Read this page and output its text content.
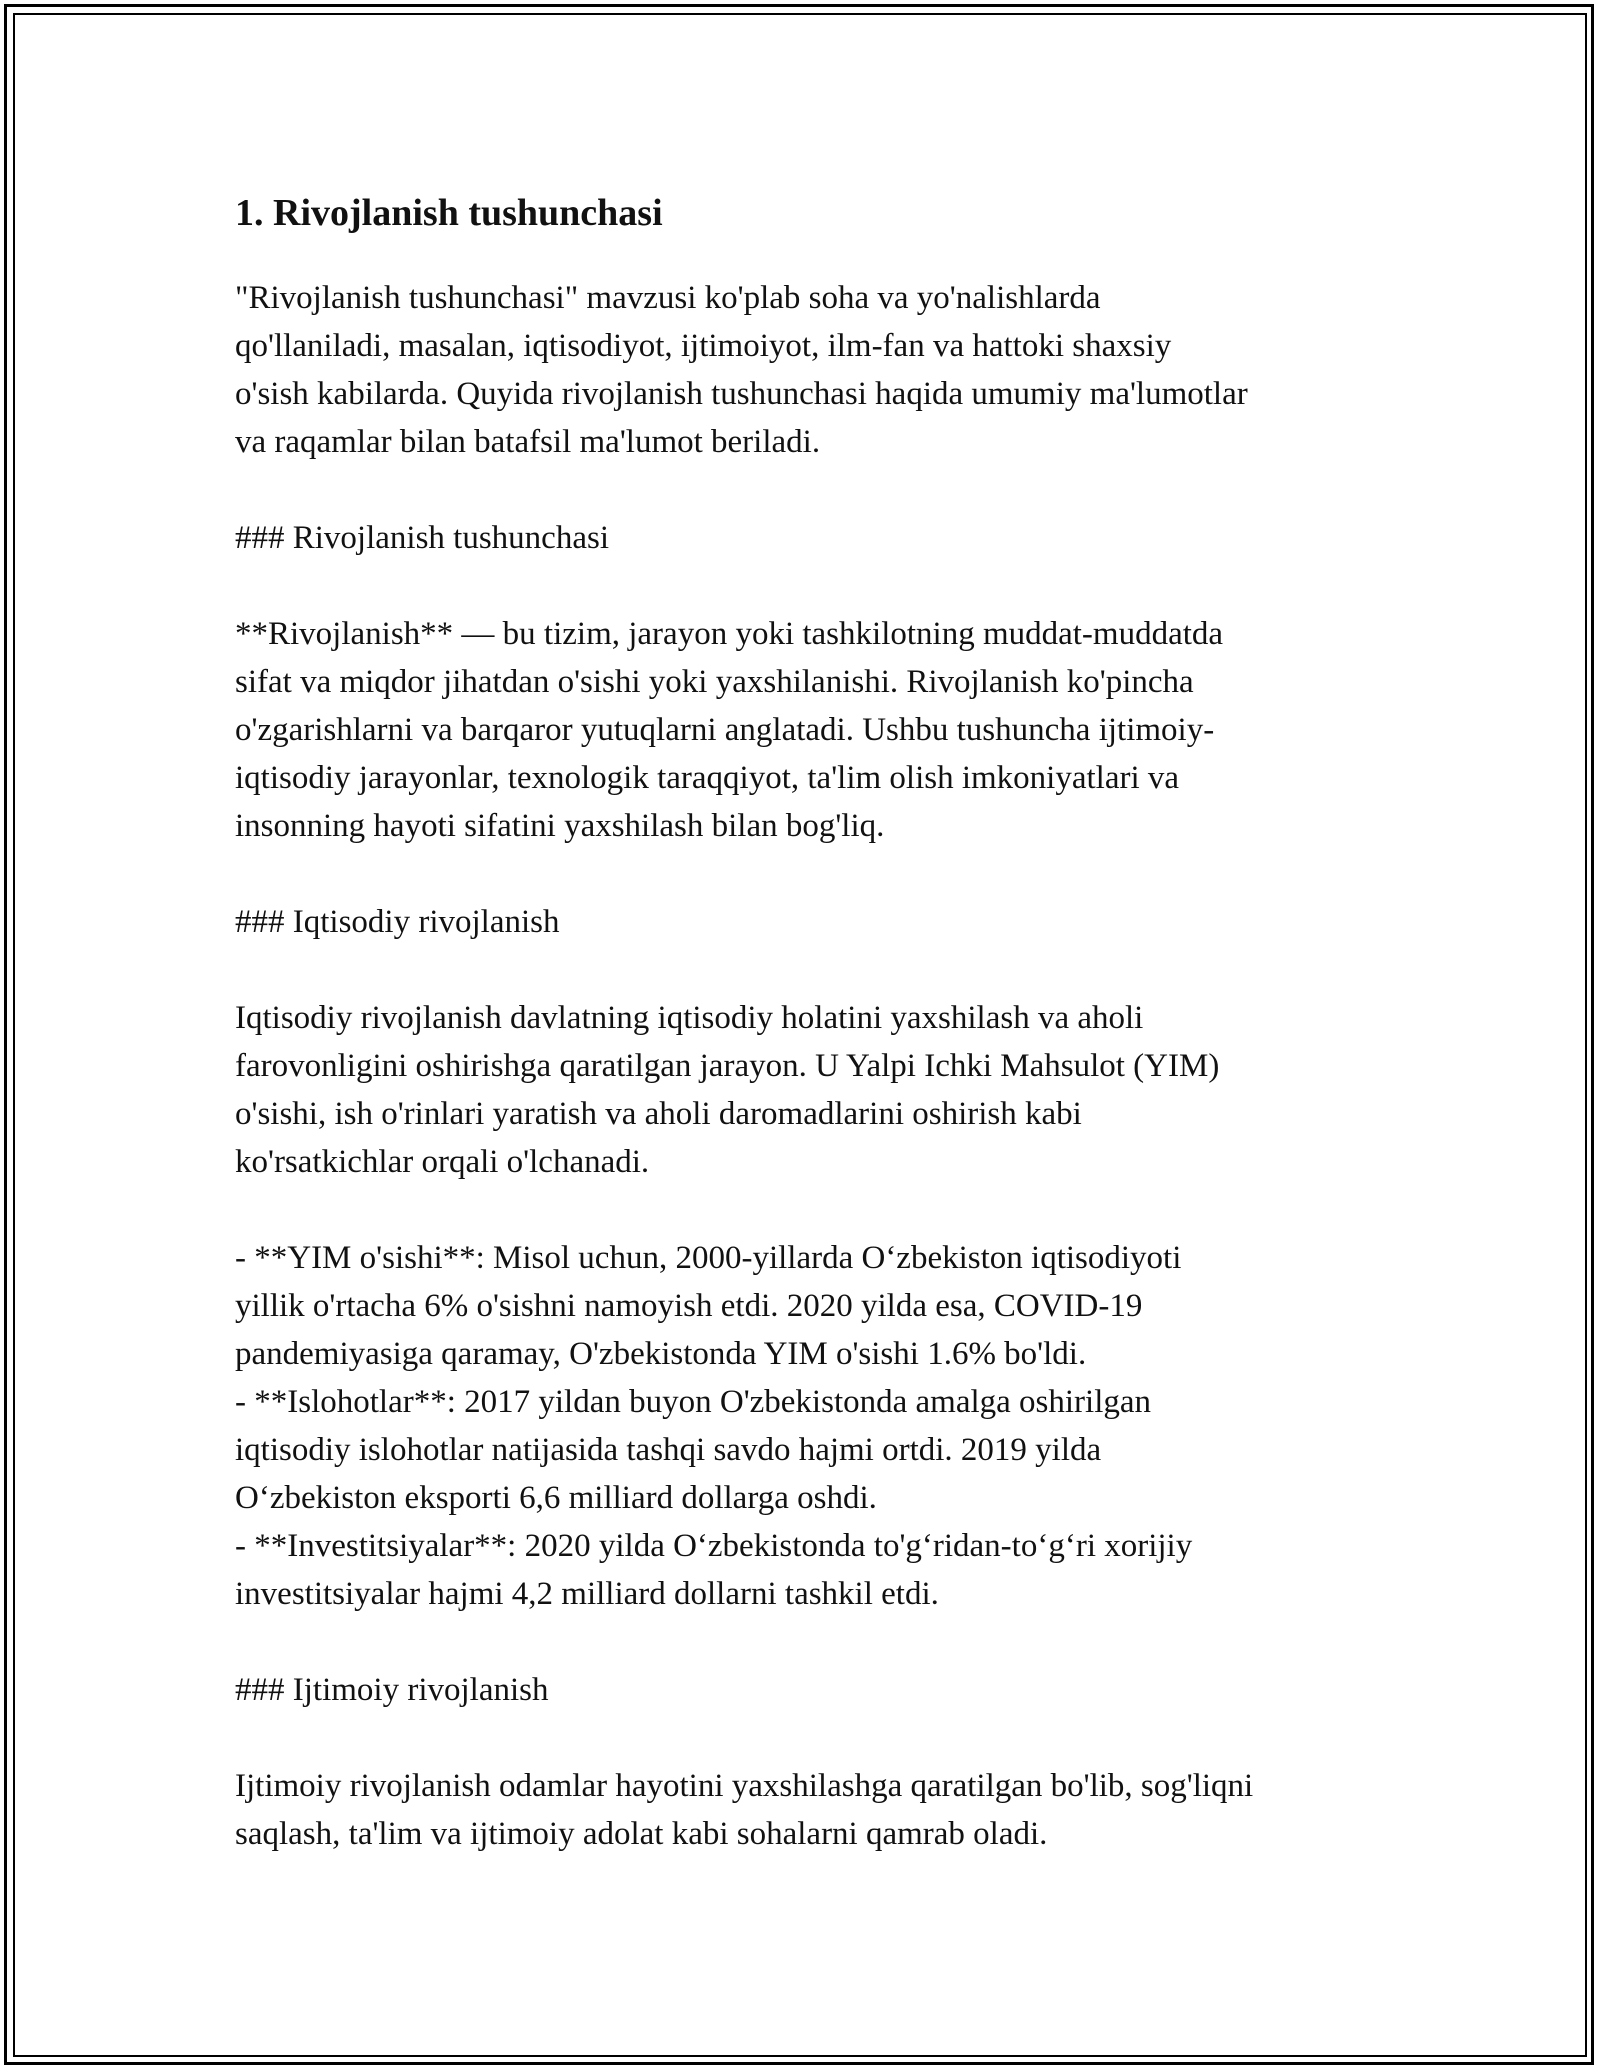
1. Rivojlanish tushunchasi

"Rivojlanish tushunchasi" mavzusi ko'plab soha va yo'nalishlarda
qo'llaniladi, masalan, iqtisodiyot, ijtimoiyot, ilm-fan va hattoki shaxsiy
o'sish kabilarda. Quyida rivojlanish tushunchasi haqida umumiy ma'lumotlar
va raqamlar bilan batafsil ma'lumot beriladi.

### Rivojlanish tushunchasi

**Rivojlanish** — bu tizim, jarayon yoki tashkilotning muddat-muddatda
sifat va miqdor jihatdan o'sishi yoki yaxshilanishi. Rivojlanish ko'pincha
o'zgarishlarni va barqaror yutuqlarni anglatadi. Ushbu tushuncha ijtimoiy-
iqtisodiy jarayonlar, texnologik taraqqiyot, ta'lim olish imkoniyatlari va
insonning hayoti sifatini yaxshilash bilan bog'liq.

### Iqtisodiy rivojlanish

Iqtisodiy rivojlanish davlatning iqtisodiy holatini yaxshilash va aholi
farovonligini oshirishga qaratilgan jarayon. U Yalpi Ichki Mahsulot (YIM)
o'sishi, ish o'rinlari yaratish va aholi daromadlarini oshirish kabi
ko'rsatkichlar orqali o'lchanadi.

- **YIM o'sishi**: Misol uchun, 2000-yillarda O‘zbekiston iqtisodiyoti
yillik o'rtacha 6% o'sishni namoyish etdi. 2020 yilda esa, COVID-19
pandemiyasiga qaramay, O'zbekistonda YIM o'sishi 1.6% bo'ldi.
- **Islohotlar**: 2017 yildan buyon O'zbekistonda amalga oshirilgan
iqtisodiy islohotlar natijasida tashqi savdo hajmi ortdi. 2019 yilda
O‘zbekiston eksporti 6,6 milliard dollarga oshdi.
- **Investitsiyalar**: 2020 yilda O‘zbekistonda to'g‘ridan-to‘g‘ri xorijiy
investitsiyalar hajmi 4,2 milliard dollarni tashkil etdi.

### Ijtimoiy rivojlanish

Ijtimoiy rivojlanish odamlar hayotini yaxshilashga qaratilgan bo'lib, sog'liqni
saqlash, ta'lim va ijtimoiy adolat kabi sohalarni qamrab oladi.
